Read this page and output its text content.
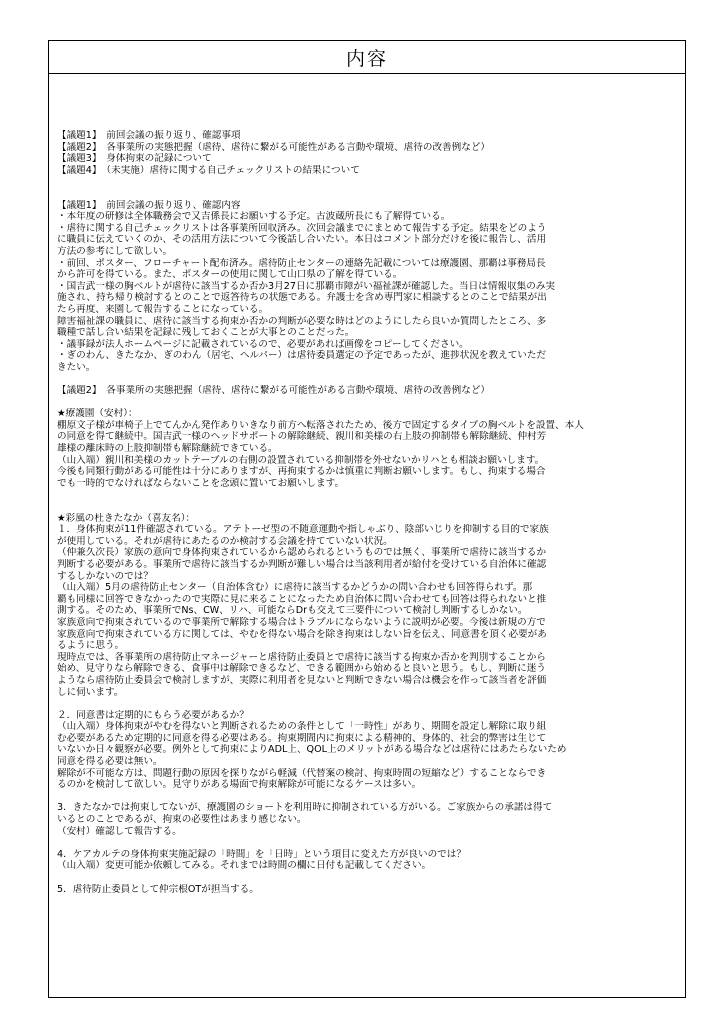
内容
【議題1】　前回会議の振り返り、確認事項
【議題2】　各事業所の実態把握（虐待、虐待に繋がる可能性がある言動や環境、虐待の改善例など）
【議題3】　身体拘束の記録について
【議題4】　（未実施）虐待に関する自己チェックリストの結果について
【議題1】　前回会議の振り返り、確認内容
・本年度の研修は全体職務会で又吉係長にお願いする予定。古波蔵所長にも了解得ている。
・虐待に関する自己チェックリストは各事業所回収済み。次回会議までにまとめて報告する予定。結果をどのよう
に職員に伝えていくのか、その活用方法について今後話し合いたい。本日はコメント部分だけを後に報告し、活用
方法の参考にして欲しい。
・前回、ポスター、フローチャート配布済み。虐待防止センターの連絡先記載については療護園、那覇は事務局長
から許可を得ている。また、ポスターの使用に関して山口県の了解を得ている。
・国吉武一様の胸ベルトが虐待に該当するか否か3月27日に那覇市障がい福祉課が確認した。当日は情報収集のみ実
施され、持ち帰り検討するとのことで返答待ちの状態である。弁護士を含め専門家に相談するとのことで結果が出
たら再度、来園して報告することになっている。
障害福祉課の職員に、虐待に該当する拘束か否かの判断が必要な時はどのようにしたら良いか質問したところ、多
職種で話し合い結果を記録に残しておくことが大事とのことだった。
・議事録が法人ホームページに記載されているので、必要があれば画像をコピーしてください。
・ぎのわん、きたなか、ぎのわん（居宅、ヘルパー）は虐待委員選定の予定であったが、進捗状況を教えていただ
きたい。
【議題2】　各事業所の実態把握（虐待、虐待に繋がる可能性がある言動や環境、虐待の改善例など）
★療護園（安村）：
棚原文子様が車椅子上でてんかん発作ありいきなり前方へ転落されたため、後方で固定するタイプの胸ベルトを設置、本人
の同意を得て継続中。国吉武一様のヘッドサポートの解除継続、親川和美様の右上肢の抑制帯も解除継続、仲村芳
雄様の離床時の上肢抑制帯も解除継続できている。
（山入端）親川和美様のカットテーブルの右側の設置されている抑制帯を外せないかリハとも相談お願いします。
今後も同類行動がある可能性は十分にありますが、再拘束するかは慎重に判断お願いします。もし、拘束する場合
でも一時的でなければならないことを念頭に置いてお願いします。
★彩風の杜きたなか（喜友名）：
１．身体拘束が11件確認されている。アテトーゼ型の不随意運動や指しゃぶり、陰部いじりを抑制する目的で家族
が使用している。それが虐待にあたるのか検討する会議を持てていない状況。
（仲兼久次長）家族の意向で身体拘束されているから認められるというものでは無く、事業所で虐待に該当するか
判断する必要がある。事業所で虐待に該当するか判断が難しい場合は当該利用者が給付を受けている自治体に確認
するしかないのでは？
（山入端）5月の虐待防止センター（自治体含む）に虐待に該当するかどうかの問い合わせも回答得られず。那
覇も同様に回答できなかったので実際に見に来ることになったため自治体に問い合わせても回答は得られないと推
測する。そのため、事業所でNs、CW、リハ、可能ならDrも交えて三要件について検討し判断するしかない。
家族意向で拘束されているので事業所で解除する場合はトラブルにならないように説明が必要。今後は新規の方で
家族意向で拘束されている方に関しては、やむを得ない場合を除き拘束はしない旨を伝え、同意書を頂く必要があ
るように思う。
現時点では、各事業所の虐待防止マネージャーと虐待防止委員とで虐待に該当する拘束か否かを判別することから
始め、見守りなら解除できる、食事中は解除できるなど、できる範囲から始めると良いと思う。もし、判断に迷う
ようなら虐待防止委員会で検討しますが、実際に利用者を見ないと判断できない場合は機会を作って該当者を評価
しに伺います。
２．同意書は定期的にもらう必要があるか？
（山入端）身体拘束がやむを得ないと判断されるための条件として「一時性」があり、期間を設定し解除に取り組
む必要があるため定期的に同意を得る必要はある。拘束期間内に拘束による精神的、身体的、社会的弊害は生じて
いないか日々観察が必要。例外として拘束によりADL上、QOL上のメリットがある場合などは虐待にはあたらないため
同意を得る必要は無い。
解除が不可能な方は、問題行動の原因を探りながら軽減（代替案の検討、拘束時間の短縮など）することならでき
るのかを検討して欲しい。見守りがある場面で拘束解除が可能になるケースは多い。
3．きたなかでは拘束してないが、療護園のショートを利用時に抑制されている方がいる。ご家族からの承諾は得て
いるとのことであるが、拘束の必要性はあまり感じない。
（安村）確認して報告する。
4．ケアカルテの身体拘束実施記録の「時間」を「日時」という項目に変えた方が良いのでは？
（山入端）変更可能か依頼してみる。それまでは時間の欄に日付も記載してください。
5．虐待防止委員として仲宗根OTが担当する。
